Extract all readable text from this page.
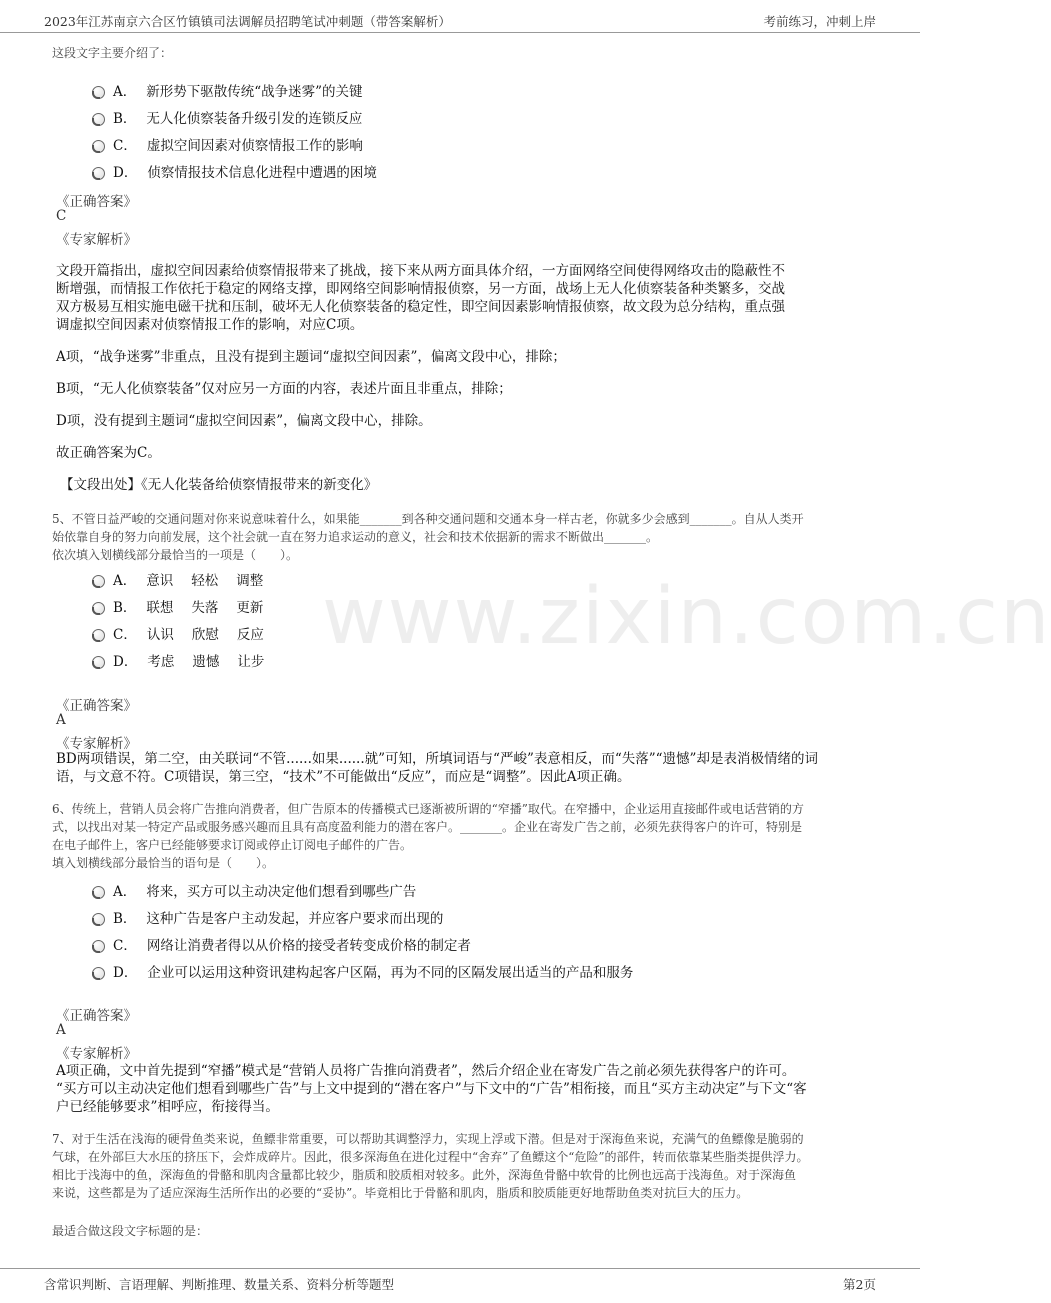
2023年江苏南京六合区竹镇镇司法调解员招聘笔试冲刺题（带答案解析）	考前练习，冲刺上岸
www.zixin.com.cn
这段文字主要介绍了：
A． 新形势下驱散传统“战争迷雾”的关键
B． 无人化侦察装备升级引发的连锁反应
C． 虚拟空间因素对侦察情报工作的影响
D． 侦察情报技术信息化进程中遭遇的困境
《正确答案》
C
《专家解析》
文段开篇指出，虚拟空间因素给侦察情报带来了挑战，接下来从两方面具体介绍，一方面网络空间使得网络攻击的隐蔽性不
断增强，而情报工作依托于稳定的网络支撑，即网络空间影响情报侦察，另一方面，战场上无人化侦察装备种类繁多，交战
双方极易互相实施电磁干扰和压制，破坏无人化侦察装备的稳定性，即空间因素影响情报侦察，故文段为总分结构，重点强
调虚拟空间因素对侦察情报工作的影响，对应C项。
A项，“战争迷雾”非重点，且没有提到主题词“虚拟空间因素”，偏离文段中心，排除；
B项，“无人化侦察装备”仅对应另一方面的内容，表述片面且非重点，排除；
D项，没有提到主题词“虚拟空间因素”，偏离文段中心，排除。
故正确答案为C。
【文段出处】《无人化装备给侦察情报带来的新变化》
5、不管日益严峻的交通问题对你来说意味着什么，如果能_______到各种交通问题和交通本身一样古老，你就多少会感到_______。自从人类开
始依靠自身的努力向前发展，这个社会就一直在努力追求运动的意义，社会和技术依据新的需求不断做出_______。
依次填入划横线部分最恰当的一项是（　　）。
A． 意识 轻松 调整
B． 联想 失落 更新
C． 认识 欣慰 反应
D． 考虑 遗憾 让步
《正确答案》
A
《专家解析》
BD两项错误，第二空，由关联词“不管......如果......就”可知，所填词语与“严峻”表意相反，而“失落”“遗憾”却是表消极情绪的词
语，与文意不符。C项错误，第三空，“技术”不可能做出“反应”，而应是“调整”。因此A项正确。
6、传统上，营销人员会将广告推向消费者，但广告原本的传播模式已逐渐被所谓的“窄播”取代。在窄播中，企业运用直接邮件或电话营销的方
式，以找出对某一特定产品或服务感兴趣而且具有高度盈利能力的潜在客户。_______。企业在寄发广告之前，必须先获得客户的许可，特别是
在电子邮件上，客户已经能够要求订阅或停止订阅电子邮件的广告。
填入划横线部分最恰当的语句是（　　）。
A． 将来，买方可以主动决定他们想看到哪些广告
B． 这种广告是客户主动发起，并应客户要求而出现的
C． 网络让消费者得以从价格的接受者转变成价格的制定者
D． 企业可以运用这种资讯建构起客户区隔，再为不同的区隔发展出适当的产品和服务
《正确答案》
A
《专家解析》
A项正确，文中首先提到“窄播”模式是“营销人员将广告推向消费者”，然后介绍企业在寄发广告之前必须先获得客户的许可。
“买方可以主动决定他们想看到哪些广告”与上文中提到的“潜在客户”与下文中的“广告”相衔接，而且“买方主动决定”与下文“客
户已经能够要求”相呼应，衔接得当。
7、对于生活在浅海的硬骨鱼类来说，鱼鳔非常重要，可以帮助其调整浮力，实现上浮或下潜。但是对于深海鱼来说，充满气的鱼鳔像是脆弱的
气球，在外部巨大水压的挤压下，会炸成碎片。因此，很多深海鱼在进化过程中“舍弃”了鱼鳔这个“危险”的部件，转而依靠某些脂类提供浮力。
相比于浅海中的鱼，深海鱼的骨骼和肌肉含量都比较少，脂质和胶质相对较多。此外，深海鱼骨骼中软骨的比例也远高于浅海鱼。对于深海鱼
来说，这些都是为了适应深海生活所作出的必要的“妥协”。毕竟相比于骨骼和肌肉，脂质和胶质能更好地帮助鱼类对抗巨大的压力。
最适合做这段文字标题的是：
含常识判断、言语理解、判断推理、数量关系、资料分析等题型	第2页
